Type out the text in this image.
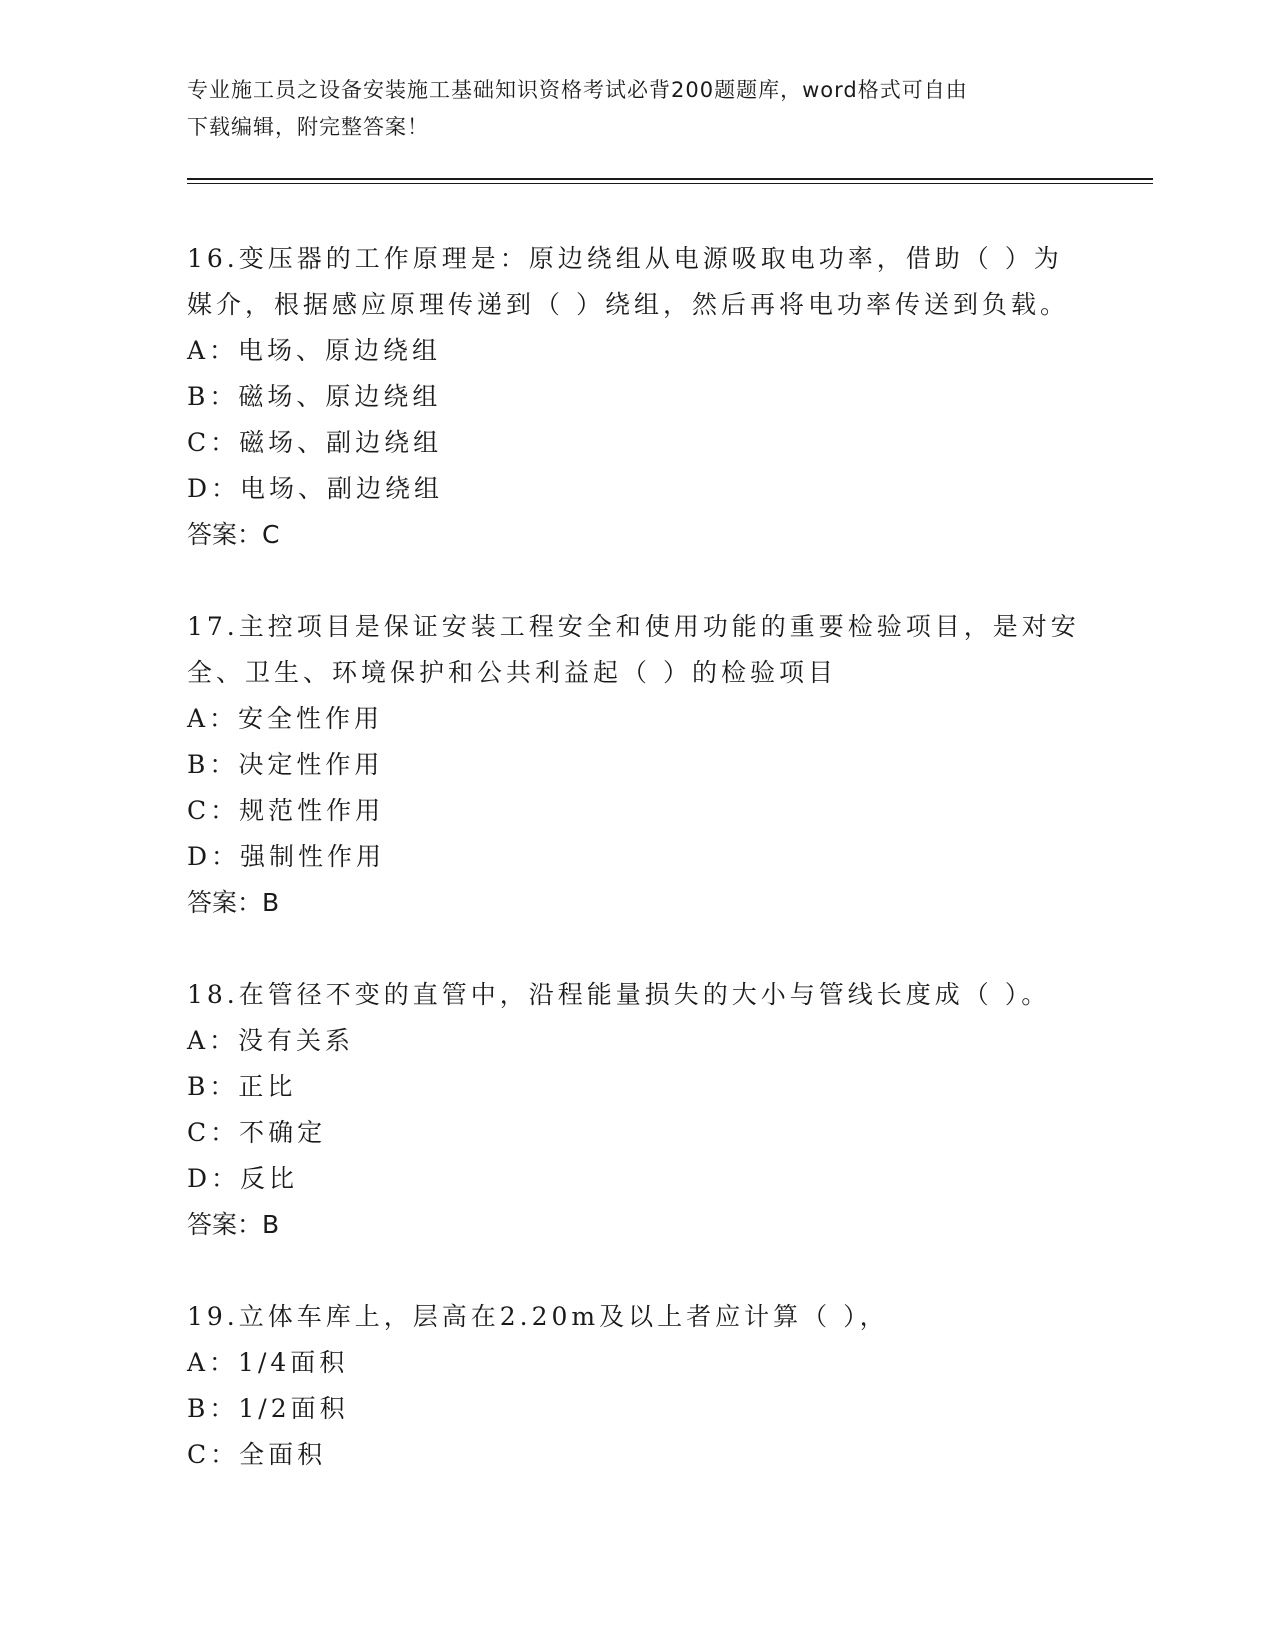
专业施工员之设备安装施工基础知识资格考试必背200题题库，word格式可自由
下载编辑，附完整答案！
16.变压器的工作原理是：原边绕组从电源吸取电功率，借助（ ）为
媒介，根据感应原理传递到（ ）绕组，然后再将电功率传送到负载。
A：电场、原边绕组
B：磁场、原边绕组
C：磁场、副边绕组
D：电场、副边绕组
答案：C
17.主控项目是保证安装工程安全和使用功能的重要检验项目，是对安
全、卫生、环境保护和公共利益起（ ）的检验项目
A：安全性作用
B：决定性作用
C：规范性作用
D：强制性作用
答案：B
18.在管径不变的直管中，沿程能量损失的大小与管线长度成（ ）。
A：没有关系
B：正比
C：不确定
D：反比
答案：B
19.立体车库上，层高在2.20m及以上者应计算（ ），
A：1/4面积
B：1/2面积
C：全面积
